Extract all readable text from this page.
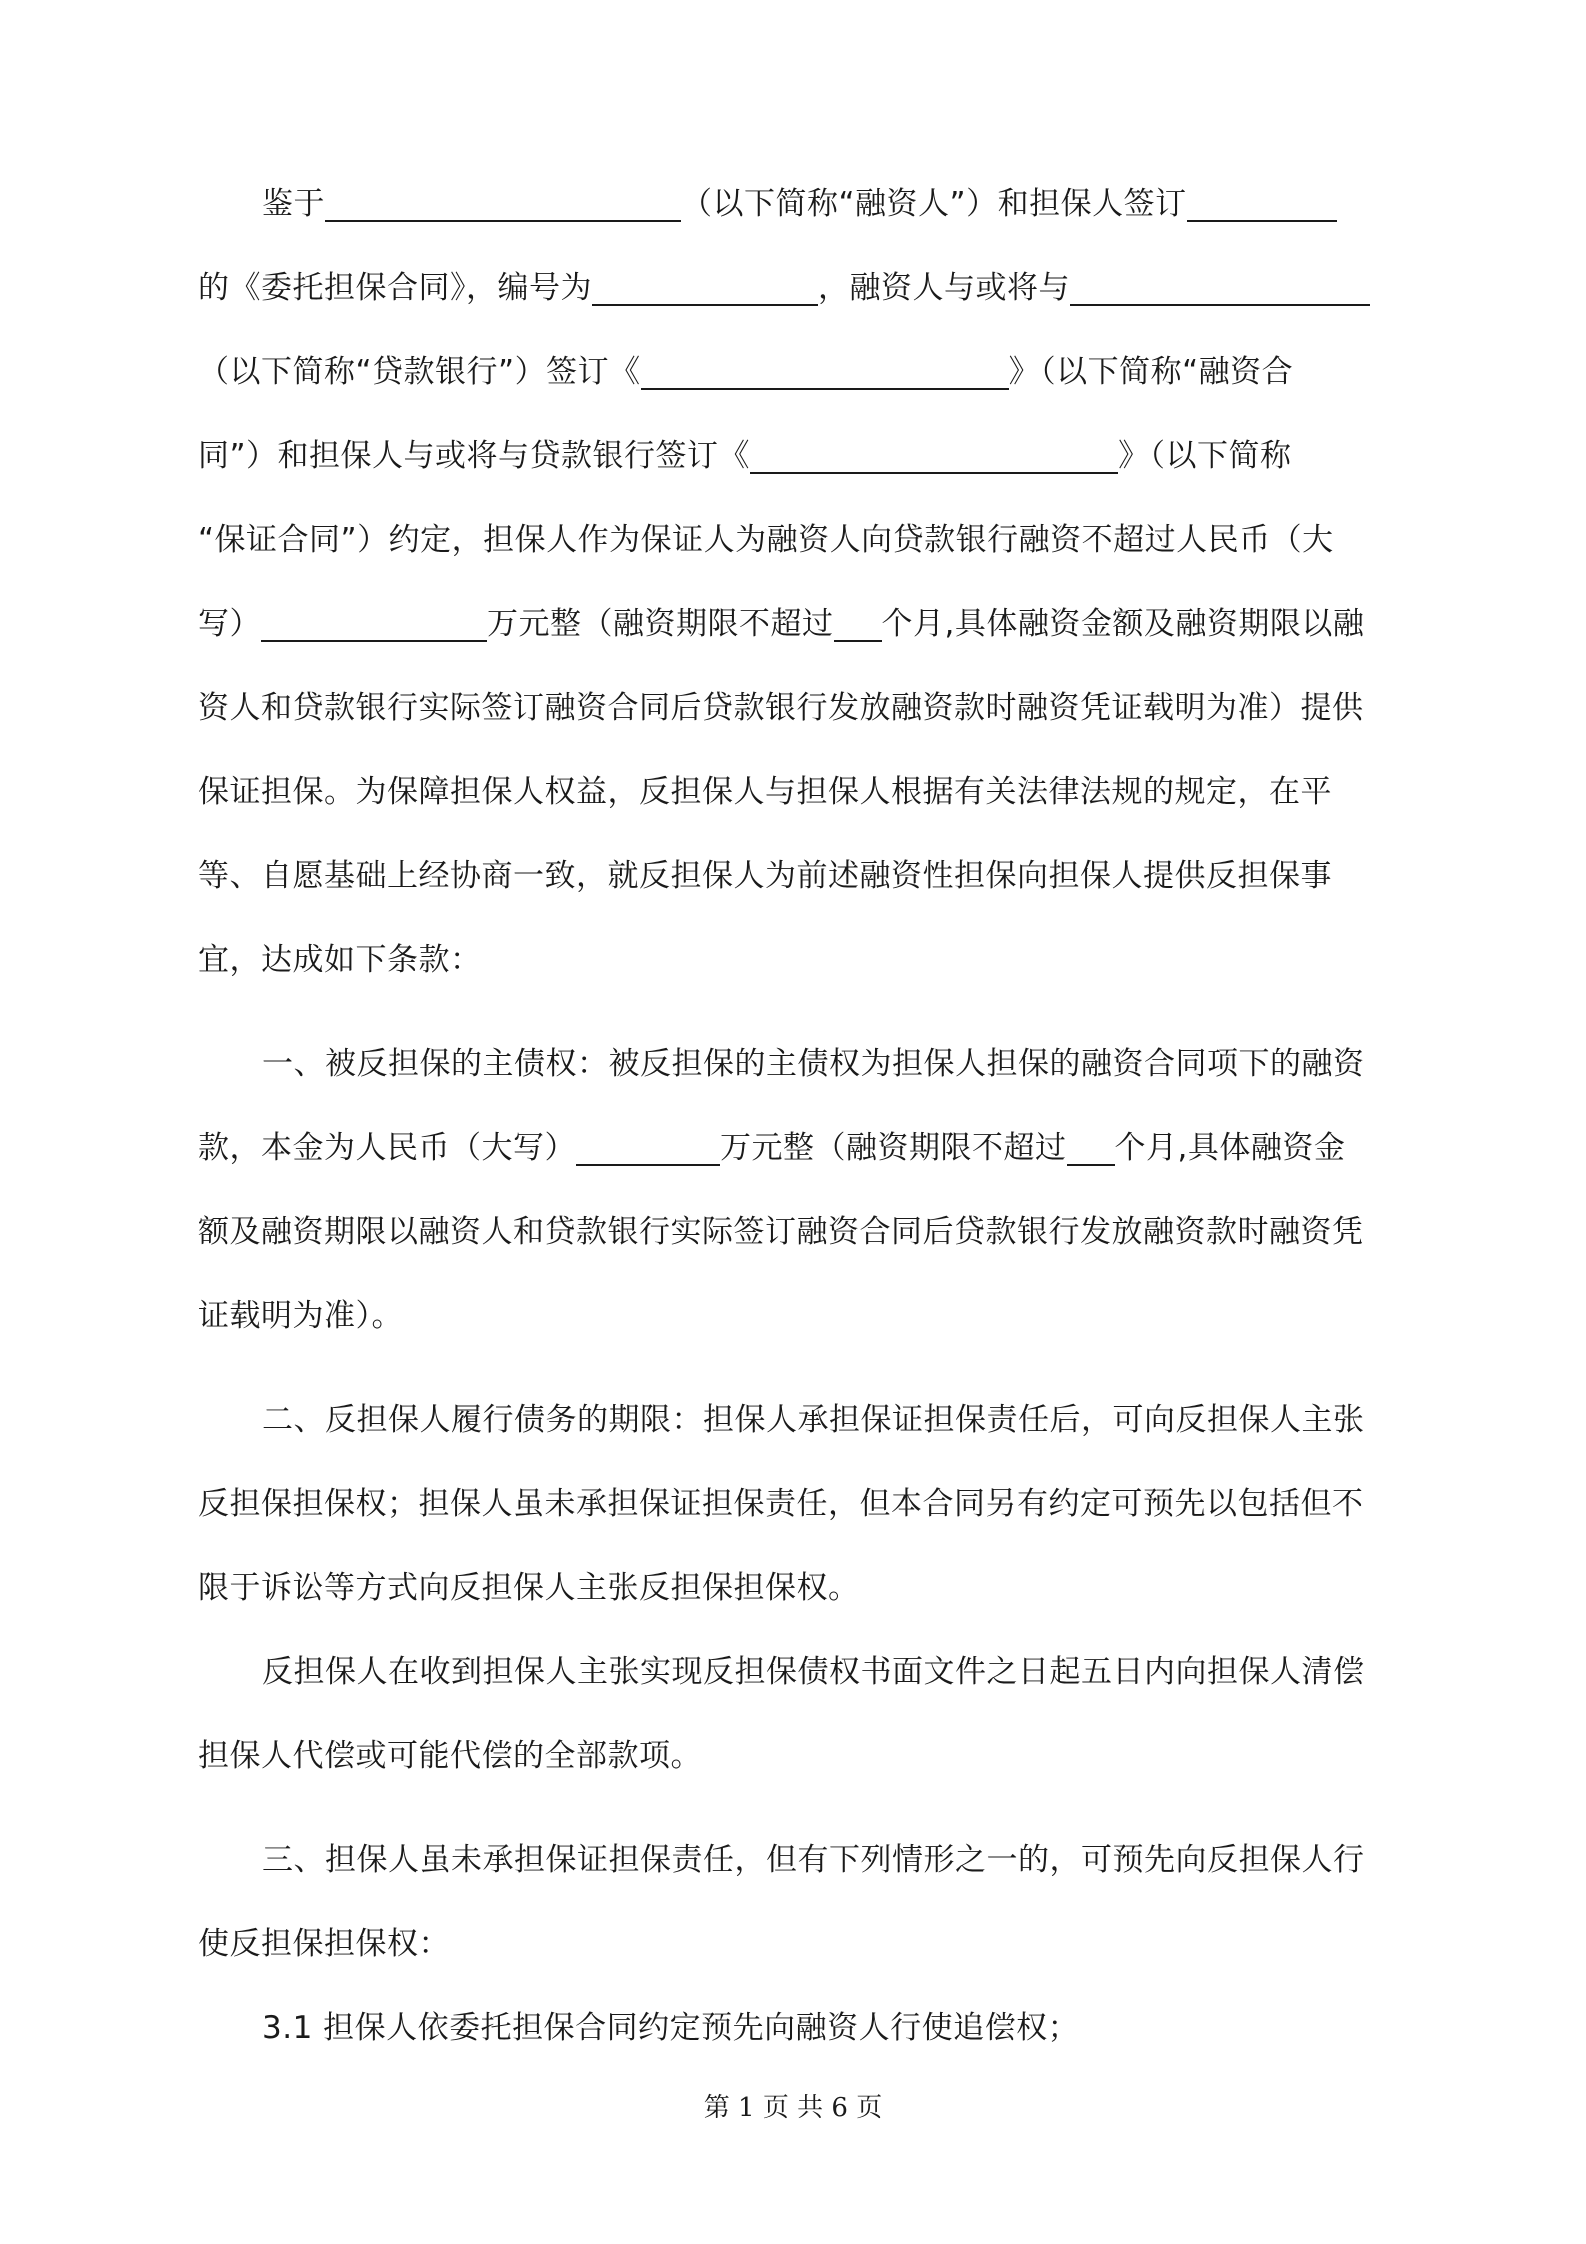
鉴于	（以下简称“融资人”）和担保人签订
的《委托担保合同》，编号为	，融资人与或将与
（以下简称“贷款银行”）签订《	》（以下简称“融资合
同”）和担保人与或将与贷款银行签订《	》（以下简称
“保证合同”）约定，担保人作为保证人为融资人向贷款银行融资不超过人民币（大
写）	万元整（融资期限不超过 个月,具体融资金额及融资期限以融
资人和贷款银行实际签订融资合同后贷款银行发放融资款时融资凭证载明为准）提供
保证担保。为保障担保人权益，反担保人与担保人根据有关法律法规的规定，在平
等、自愿基础上经协商一致，就反担保人为前述融资性担保向担保人提供反担保事
宜，达成如下条款：
一、被反担保的主债权：被反担保的主债权为担保人担保的融资合同项下的融资
款，本金为人民币（大写）	万元整（融资期限不超过 个月,具体融资金
额及融资期限以融资人和贷款银行实际签订融资合同后贷款银行发放融资款时融资凭
证载明为准）。
二、反担保人履行债务的期限：担保人承担保证担保责任后，可向反担保人主张
反担保担保权；担保人虽未承担保证担保责任，但本合同另有约定可预先以包括但不
限于诉讼等方式向反担保人主张反担保担保权。
反担保人在收到担保人主张实现反担保债权书面文件之日起五日内向担保人清偿
担保人代偿或可能代偿的全部款项。
三、担保人虽未承担保证担保责任，但有下列情形之一的，可预先向反担保人行
使反担保担保权：
3.1 担保人依委托担保合同约定预先向融资人行使追偿权；
第 1 页 共 6 页
